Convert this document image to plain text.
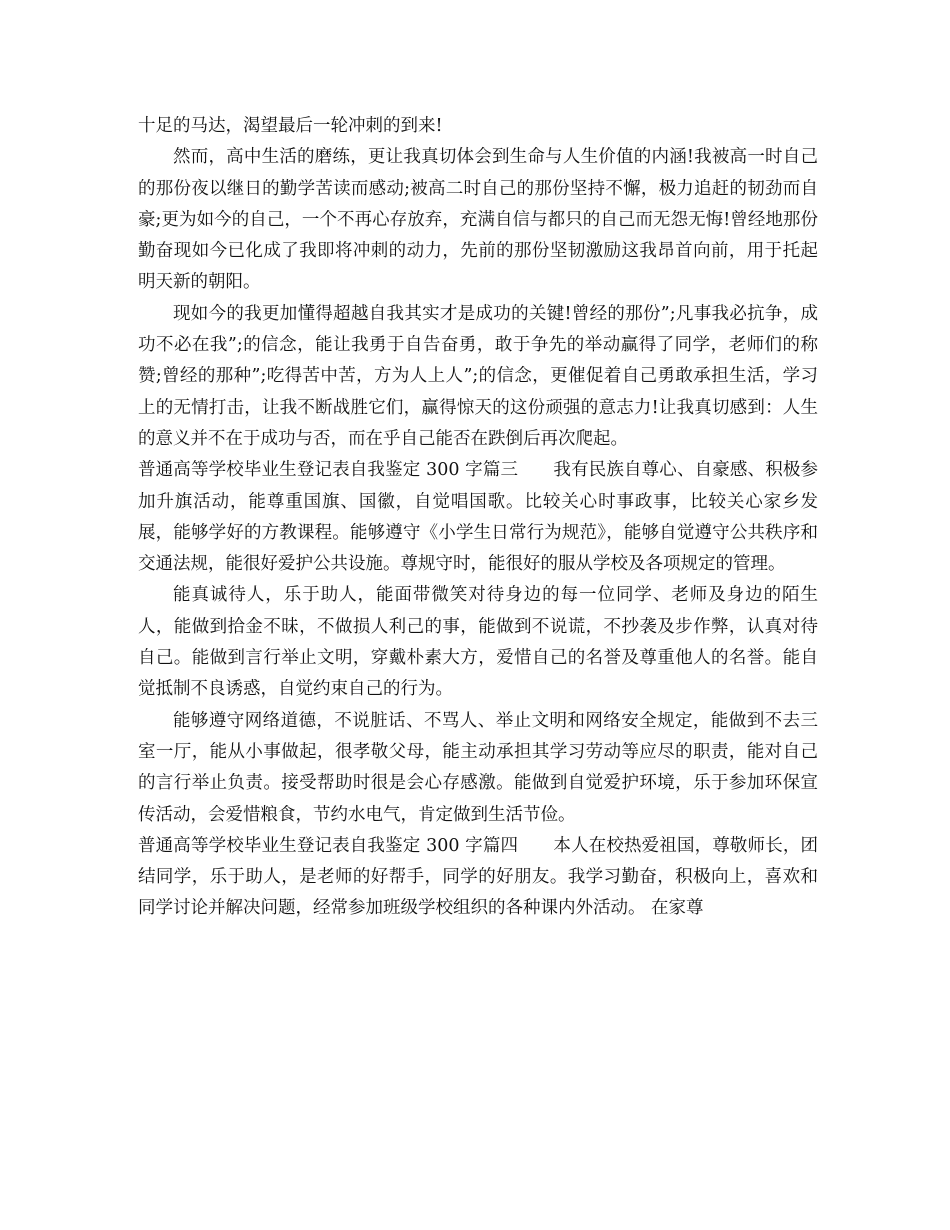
十足的马达，渴望最后一轮冲刺的到来!

然而，高中生活的磨练，更让我真切体会到生命与人生价值的内涵!我被高一时自己的那份夜以继日的勤学苦读而感动;被高二时自己的那份坚持不懈，极力追赶的韧劲而自豪;更为如今的自己，一个不再心存放弃，充满自信与都只的自己而无怨无悔!曾经地那份勤奋现如今已化成了我即将冲刺的动力，先前的那份坚韧激励这我昂首向前，用于托起明天新的朝阳。

现如今的我更加懂得超越自我其实才是成功的关键!曾经的那份”;凡事我必抗争，成功不必在我”;的信念，能让我勇于自告奋勇，敢于争先的举动赢得了同学，老师们的称赞;曾经的那种”;吃得苦中苦，方为人上人”;的信念，更催促着自己勇敢承担生活，学习上的无情打击，让我不断战胜它们，赢得惊天的这份顽强的意志力!让我真切感到：人生的意义并不在于成功与否，而在乎自己能否在跌倒后再次爬起。

普通高等学校毕业生登记表自我鉴定 300 字篇三　　我有民族自尊心、自豪感、积极参加升旗活动，能尊重国旗、国徽，自觉唱国歌。比较关心时事政事，比较关心家乡发展，能够学好的方教课程。能够遵守《小学生日常行为规范》，能够自觉遵守公共秩序和交通法规，能很好爱护公共设施。尊规守时，能很好的服从学校及各项规定的管理。

能真诚待人，乐于助人，能面带微笑对待身边的每一位同学、老师及身边的陌生人，能做到拾金不昧，不做损人利己的事，能做到不说谎，不抄袭及步作弊，认真对待自己。能做到言行举止文明，穿戴朴素大方，爱惜自己的名誉及尊重他人的名誉。能自觉抵制不良诱惑，自觉约束自己的行为。

能够遵守网络道德，不说脏话、不骂人、举止文明和网络安全规定，能做到不去三室一厅，能从小事做起，很孝敬父母，能主动承担其学习劳动等应尽的职责，能对自己的言行举止负责。接受帮助时很是会心存感激。能做到自觉爱护环境，乐于参加环保宣传活动，会爱惜粮食，节约水电气，肯定做到生活节俭。

普通高等学校毕业生登记表自我鉴定 300 字篇四　　本人在校热爱祖国，尊敬师长，团结同学，乐于助人，是老师的好帮手，同学的好朋友。我学习勤奋，积极向上，喜欢和同学讨论并解决问题，经常参加班级学校组织的各种课内外活动。 在家尊
